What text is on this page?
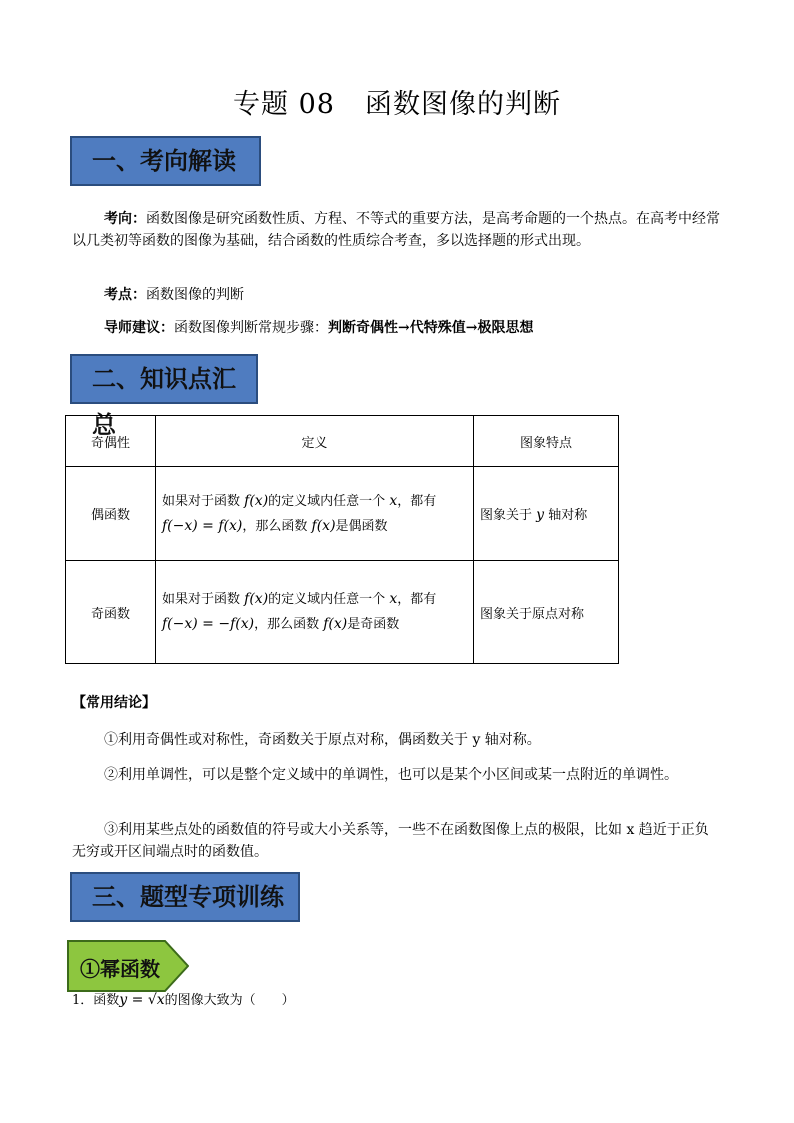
专题 08 函数图像的判断
一、考向解读
考向：函数图像是研究函数性质、方程、不等式的重要方法，是高考命题的一个热点。在高考中经常以几类初等函数的图像为基础，结合函数的性质综合考查，多以选择题的形式出现。
考点：函数图像的判断
导师建议：函数图像判断常规步骤：判断奇偶性→代特殊值→极限思想
二、知识点汇总
奇偶性	定义	图象特点
偶函数	如果对于函数 f(x)的定义域内任意一个 x，都有
f(−x) = f(x)，那么函数 f(x)是偶函数	图象关于 y 轴对称
奇函数	如果对于函数 f(x)的定义域内任意一个 x，都有
f(−x) = −f(x)，那么函数 f(x)是奇函数	图象关于原点对称
【常用结论】
①利用奇偶性或对称性，奇函数关于原点对称，偶函数关于 y 轴对称。
②利用单调性，可以是整个定义域中的单调性，也可以是某个小区间或某一点附近的单调性。
③利用某些点处的函数值的符号或大小关系等，一些不在函数图像上点的极限，比如 x 趋近于正负无穷或开区间端点时的函数值。
三、题型专项训练
①幂函数
1．函数y = √x的图像大致为（　　）
